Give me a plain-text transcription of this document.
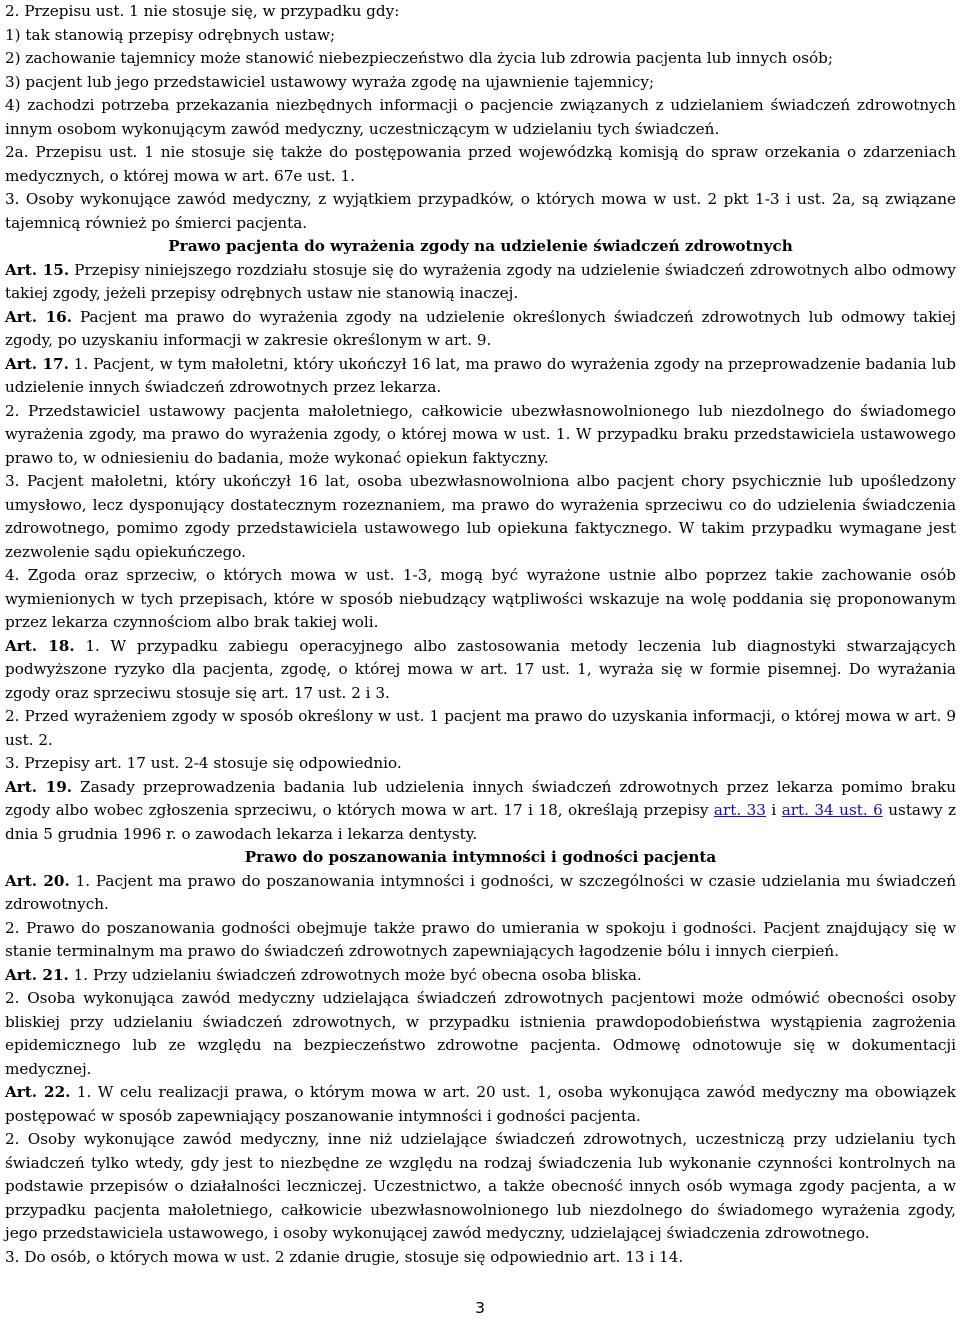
2. Przepisu ust. 1 nie stosuje się, w przypadku gdy:
1) tak stanowią przepisy odrębnych ustaw;
2) zachowanie tajemnicy może stanowić niebezpieczeństwo dla życia lub zdrowia pacjenta lub innych osób;
3) pacjent lub jego przedstawiciel ustawowy wyraża zgodę na ujawnienie tajemnicy;

4) zachodzi potrzeba przekazania niezbędnych informacji o pacjencie związanych z udzielaniem świadczeń zdrowotnych innym osobom wykonującym zawód medyczny, uczestniczącym w udzielaniu tych świadczeń.

2a. Przepisu ust. 1 nie stosuje się także do postępowania przed wojewódzką komisją do spraw orzekania o zdarzeniach medycznych, o której mowa w art. 67e ust. 1.

3. Osoby wykonujące zawód medyczny, z wyjątkiem przypadków, o których mowa w ust. 2 pkt 1-3 i ust. 2a, są związane tajemnicą również po śmierci pacjenta.

Prawo pacjenta do wyrażenia zgody na udzielenie świadczeń zdrowotnych

Art. 15. Przepisy niniejszego rozdziału stosuje się do wyrażenia zgody na udzielenie świadczeń zdrowotnych albo odmowy takiej zgody, jeżeli przepisy odrębnych ustaw nie stanowią inaczej.

Art. 16. Pacjent ma prawo do wyrażenia zgody na udzielenie określonych świadczeń zdrowotnych lub odmowy takiej zgody, po uzyskaniu informacji w zakresie określonym w art. 9.

Art. 17. 1. Pacjent, w tym małoletni, który ukończył 16 lat, ma prawo do wyrażenia zgody na przeprowadzenie badania lub udzielenie innych świadczeń zdrowotnych przez lekarza.

2. Przedstawiciel ustawowy pacjenta małoletniego, całkowicie ubezwłasnowolnionego lub niezdolnego do świadomego wyrażenia zgody, ma prawo do wyrażenia zgody, o której mowa w ust. 1. W przypadku braku przedstawiciela ustawowego prawo to, w odniesieniu do badania, może wykonać opiekun faktyczny.

3. Pacjent małoletni, który ukończył 16 lat, osoba ubezwłasnowolniona albo pacjent chory psychicznie lub upośledzony umysłowo, lecz dysponujący dostatecznym rozeznaniem, ma prawo do wyrażenia sprzeciwu co do udzielenia świadczenia zdrowotnego, pomimo zgody przedstawiciela ustawowego lub opiekuna faktycznego. W takim przypadku wymagane jest zezwolenie sądu opiekuńczego.

4. Zgoda oraz sprzeciw, o których mowa w ust. 1-3, mogą być wyrażone ustnie albo poprzez takie zachowanie osób wymienionych w tych przepisach, które w sposób niebudzący wątpliwości wskazuje na wolę poddania się proponowanym przez lekarza czynnościom albo brak takiej woli.

Art. 18. 1. W przypadku zabiegu operacyjnego albo zastosowania metody leczenia lub diagnostyki stwarzających podwyższone ryzyko dla pacjenta, zgodę, o której mowa w art. 17 ust. 1, wyraża się w formie pisemnej. Do wyrażania zgody oraz sprzeciwu stosuje się art. 17 ust. 2 i 3.

2. Przed wyrażeniem zgody w sposób określony w ust. 1 pacjent ma prawo do uzyskania informacji, o której mowa w art. 9 ust. 2.

3. Przepisy art. 17 ust. 2-4 stosuje się odpowiednio.

Art. 19. Zasady przeprowadzenia badania lub udzielenia innych świadczeń zdrowotnych przez lekarza pomimo braku zgody albo wobec zgłoszenia sprzeciwu, o których mowa w art. 17 i 18, określają przepisy art. 33 i art. 34 ust. 6 ustawy z dnia 5 grudnia 1996 r. o zawodach lekarza i lekarza dentysty.

Prawo do poszanowania intymności i godności pacjenta

Art. 20. 1. Pacjent ma prawo do poszanowania intymności i godności, w szczególności w czasie udzielania mu świadczeń zdrowotnych.

2. Prawo do poszanowania godności obejmuje także prawo do umierania w spokoju i godności. Pacjent znajdujący się w stanie terminalnym ma prawo do świadczeń zdrowotnych zapewniających łagodzenie bólu i innych cierpień.

Art. 21. 1. Przy udzielaniu świadczeń zdrowotnych może być obecna osoba bliska.

2. Osoba wykonująca zawód medyczny udzielająca świadczeń zdrowotnych pacjentowi może odmówić obecności osoby bliskiej przy udzielaniu świadczeń zdrowotnych, w przypadku istnienia prawdopodobieństwa wystąpienia zagrożenia epidemicznego lub ze względu na bezpieczeństwo zdrowotne pacjenta. Odmowę odnotowuje się w dokumentacji medycznej.

Art. 22. 1. W celu realizacji prawa, o którym mowa w art. 20 ust. 1, osoba wykonująca zawód medyczny ma obowiązek postępować w sposób zapewniający poszanowanie intymności i godności pacjenta.

2. Osoby wykonujące zawód medyczny, inne niż udzielające świadczeń zdrowotnych, uczestniczą przy udzielaniu tych świadczeń tylko wtedy, gdy jest to niezbędne ze względu na rodzaj świadczenia lub wykonanie czynności kontrolnych na podstawie przepisów o działalności leczniczej. Uczestnictwo, a także obecność innych osób wymaga zgody pacjenta, a w przypadku pacjenta małoletniego, całkowicie ubezwłasnowolnionego lub niezdolnego do świadomego wyrażenia zgody, jego przedstawiciela ustawowego, i osoby wykonującej zawód medyczny, udzielającej świadczenia zdrowotnego.

3. Do osób, o których mowa w ust. 2 zdanie drugie, stosuje się odpowiednio art. 13 i 14.

3
